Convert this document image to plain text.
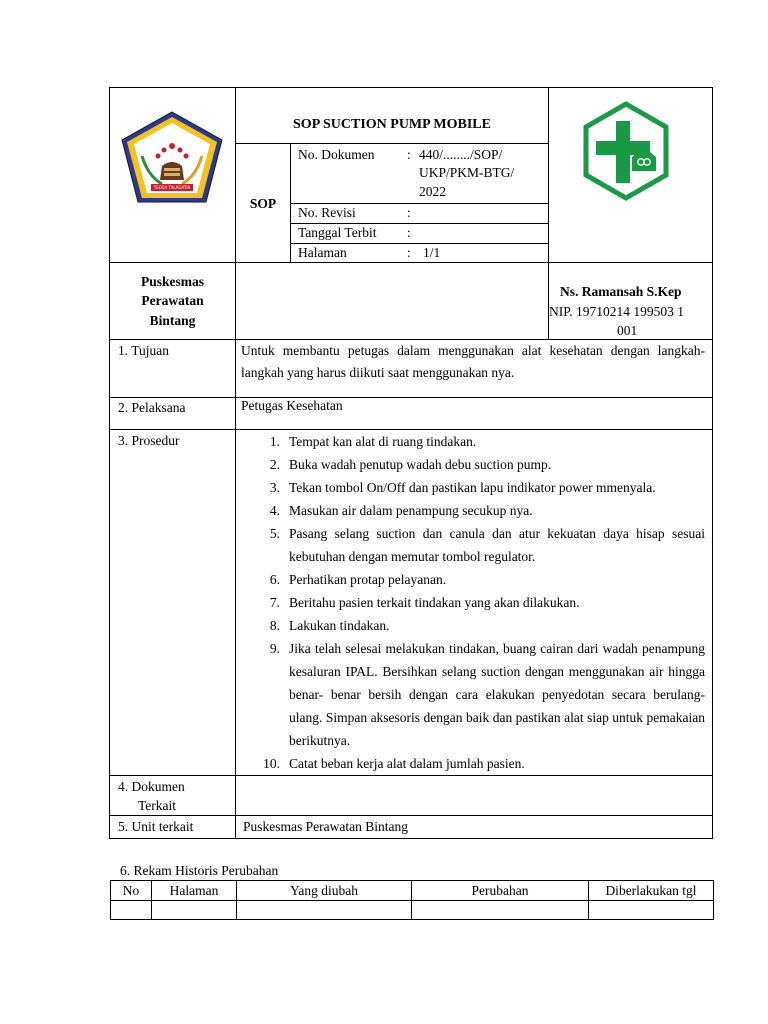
TEOSA TALAGATIA
SOP SUCTION PUMP MOBILE
SOP
No. Dokumen : 440/......../SOP/
UKP/PKM-BTG/
2022
No. Revisi	:
Tanggal Terbit :
Halaman	: 1/1
Puskesmas
Perawatan
Bintang
Ns. Ramansah S.Kep
NIP. 19710214 199503 1
001
1. Tujuan	Untuk membantu petugas dalam menggunakan alat kesehatan dengan langkah-langkah yang harus diikuti saat menggunakan nya.
2. Pelaksana	Petugas Kesehatan
3. Prosedur	1. Tempat kan alat di ruang tindakan.
2. Buka wadah penutup wadah debu suction pump.
3. Tekan tombol On/Off dan pastikan lapu indikator power mmenyala.
4. Masukan air dalam penampung secukup nya.
5. Pasang selang suction dan canula dan atur kekuatan daya hisap sesuai kebutuhan dengan memutar tombol regulator.
6. Perhatikan protap pelayanan.
7. Beritahu pasien terkait tindakan yang akan dilakukan.
8. Lakukan tindakan.
9. Jika telah selesai melakukan tindakan, buang cairan dari wadah penampung kesaluran IPAL. Bersihkan selang suction dengan menggunakan air hingga benar- benar bersih dengan cara elakukan penyedotan secara berulang- ulang. Simpan aksesoris dengan baik dan pastikan alat siap untuk pemakaian berikutnya.
10. Catat beban kerja alat dalam jumlah pasien.
4. Dokumen
Terkait
5. Unit terkait	Puskesmas Perawatan Bintang
6. Rekam Historis Perubahan
No	Halaman	Yang diubah	Perubahan	Diberlakukan tgl
